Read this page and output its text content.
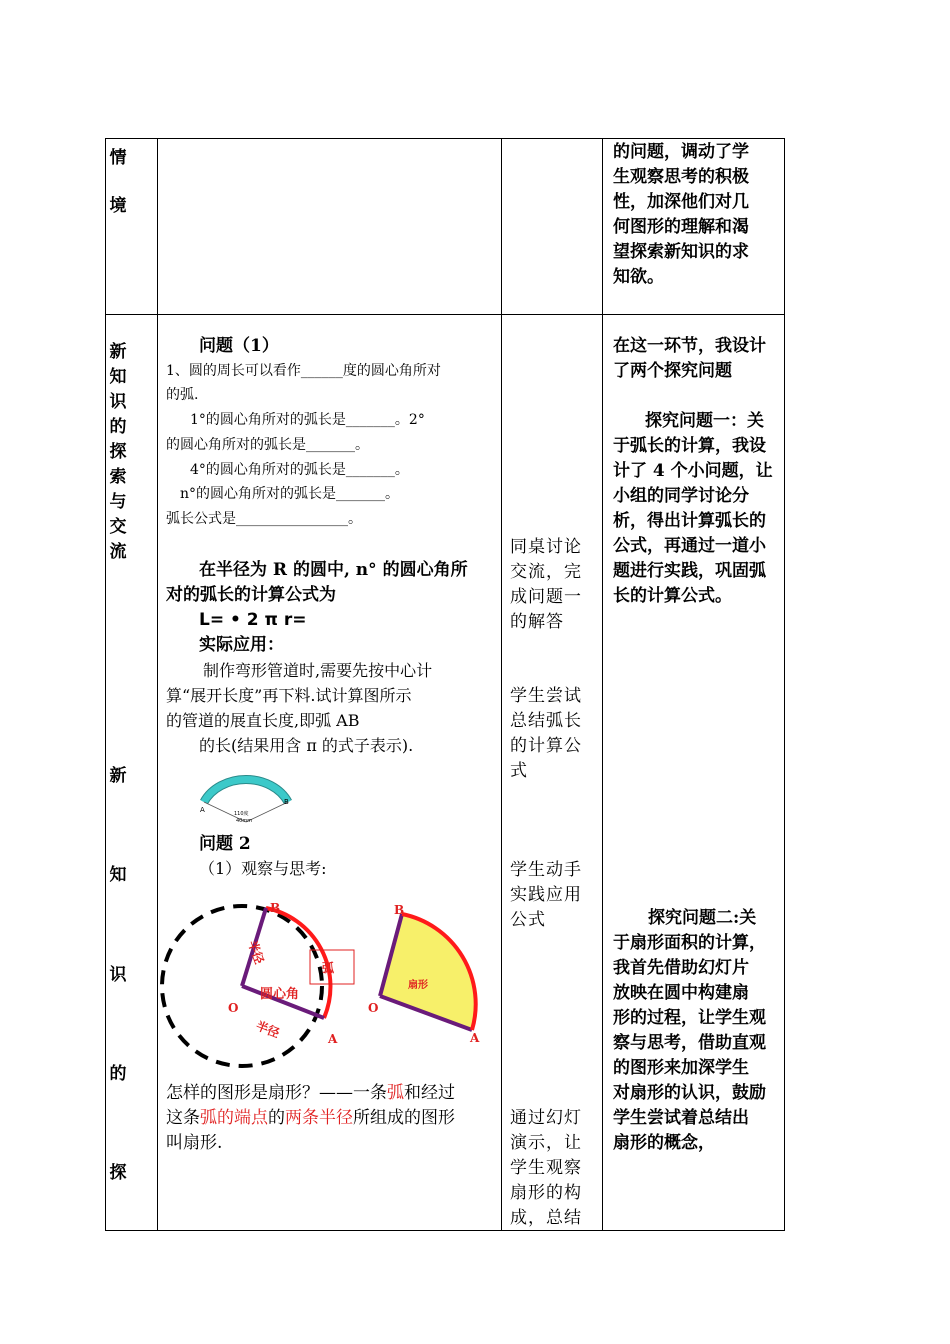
情
境
的问题，调动了学
生观察思考的积极
性，加深他们对几
何图形的理解和渴
望探索新知识的求
知欲。
新
知
识
的
探
索
与
交
流
新
知
识
的
探
问题（1）
1、圆的周长可以看作______度的圆心角所对
的弧.
1°的圆心角所对的弧长是_______。2°
的圆心角所对的弧长是_______。
4°的圆心角所对的弧长是_______。
n°的圆心角所对的弧长是_______。
弧长公式是________________。
在半径为 R 的圆中, n° 的圆心角所
对的弧长的计算公式为
L= • 2 π r=
实际应用：
制作弯形管道时,需要先按中心计
算“展开长度”再下料.试计算图所示
的管道的展直长度,即弧 AB
的长(结果用含 π 的式子表示).
A
B
110度
40mm
问题 2
（1）观察与思考:
B
半径
弧
圆心角
O
半径	A
B
扇形
O
A
怎样的图形是扇形？——一条弧和经过
这条弧的端点的两条半径所组成的图形
叫扇形.
同桌讨论
交流，完
成问题一
的解答
学生尝试
总结弧长
的计算公
式
学生动手
实践应用
公式
通过幻灯
演示，让
学生观察
扇形的构
成，总结
在这一环节，我设计
了两个探究问题
探究问题一：关
于弧长的计算，我设
计了 4 个小问题，让
小组的同学讨论分
析，得出计算弧长的
公式，再通过一道小
题进行实践，巩固弧
长的计算公式。
探究问题二:关
于扇形面积的计算，
我首先借助幻灯片
放映在圆中构建扇
形的过程，让学生观
察与思考，借助直观
的图形来加深学生
对扇形的认识，鼓励
学生尝试着总结出
扇形的概念，
